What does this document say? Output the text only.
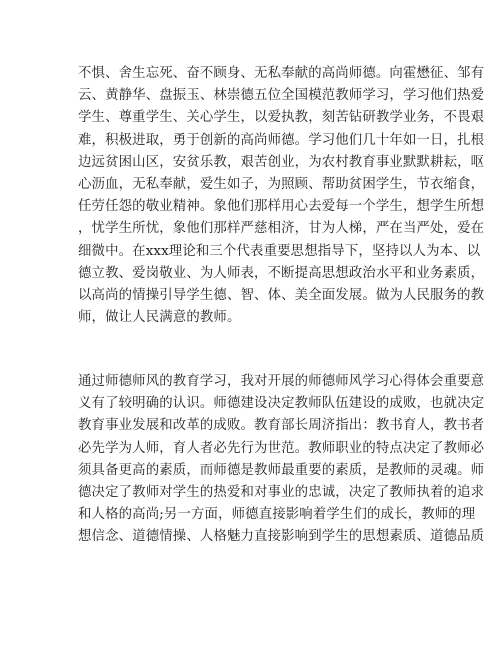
不惧、舍生忘死、奋不顾身、无私奉献的高尚师德。向霍懋征、邹有
云、黄静华、盘振玉、林崇德五位全国模范教师学习，学习他们热爱
学生、尊重学生、关心学生，以爱执教，刻苦钻研教学业务，不畏艰
难，积极进取，勇于创新的高尚师德。学习他们几十年如一日，扎根
边远贫困山区，安贫乐教，艰苦创业，为农村教育事业默默耕耘，呕
心沥血，无私奉献，爱生如子，为照顾、帮助贫困学生，节衣缩食，
任劳任怨的敬业精神。象他们那样用心去爱每一个学生，想学生所想
，忧学生所忧，象他们那样严慈相济，甘为人梯，严在当严处，爱在
细微中。在xxx理论和三个代表重要思想指导下，坚持以人为本、以
德立教、爱岗敬业、为人师表，不断提高思想政治水平和业务素质，
以高尚的情操引导学生德、智、体、美全面发展。做为人民服务的教
师，做让人民满意的教师。
通过师德师风的教育学习，我对开展的师德师风学习心得体会重要意
义有了较明确的认识。师德建设决定教师队伍建设的成败，也就决定
教育事业发展和改革的成败。教育部长周济指出：教书育人，教书者
必先学为人师，育人者必先行为世范。教师职业的特点决定了教师必
须具备更高的素质，而师德是教师最重要的素质，是教师的灵魂。师
德决定了教师对学生的热爱和对事业的忠诚，决定了教师执着的追求
和人格的高尚;另一方面，师德直接影响着学生们的成长，教师的理
想信念、道德情操、人格魅力直接影响到学生的思想素质、道德品质
